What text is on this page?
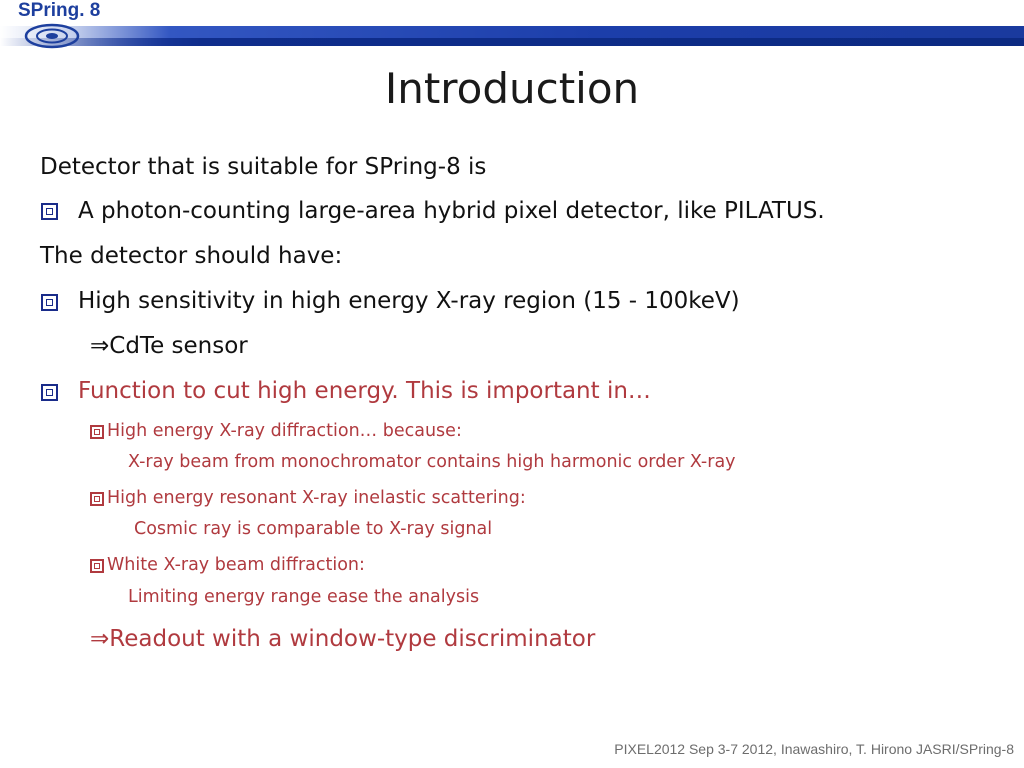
SPring. 8
Introduction
Detector that is suitable for SPring-8 is
A photon-counting large-area hybrid pixel detector, like PILATUS.
The detector should have:
High sensitivity in high energy X-ray region (15 - 100keV)
⇒CdTe sensor
Function to cut high energy. This is important in…
High energy X-ray diffraction… because:
X-ray beam from monochromator contains high harmonic order X-ray
High energy resonant X-ray inelastic scattering:
Cosmic ray is comparable to X-ray signal
White X-ray beam diffraction:
Limiting energy range ease the analysis
⇒Readout with a window-type discriminator
PIXEL2012 Sep 3-7 2012, Inawashiro, T. Hirono JASRI/SPring-8
